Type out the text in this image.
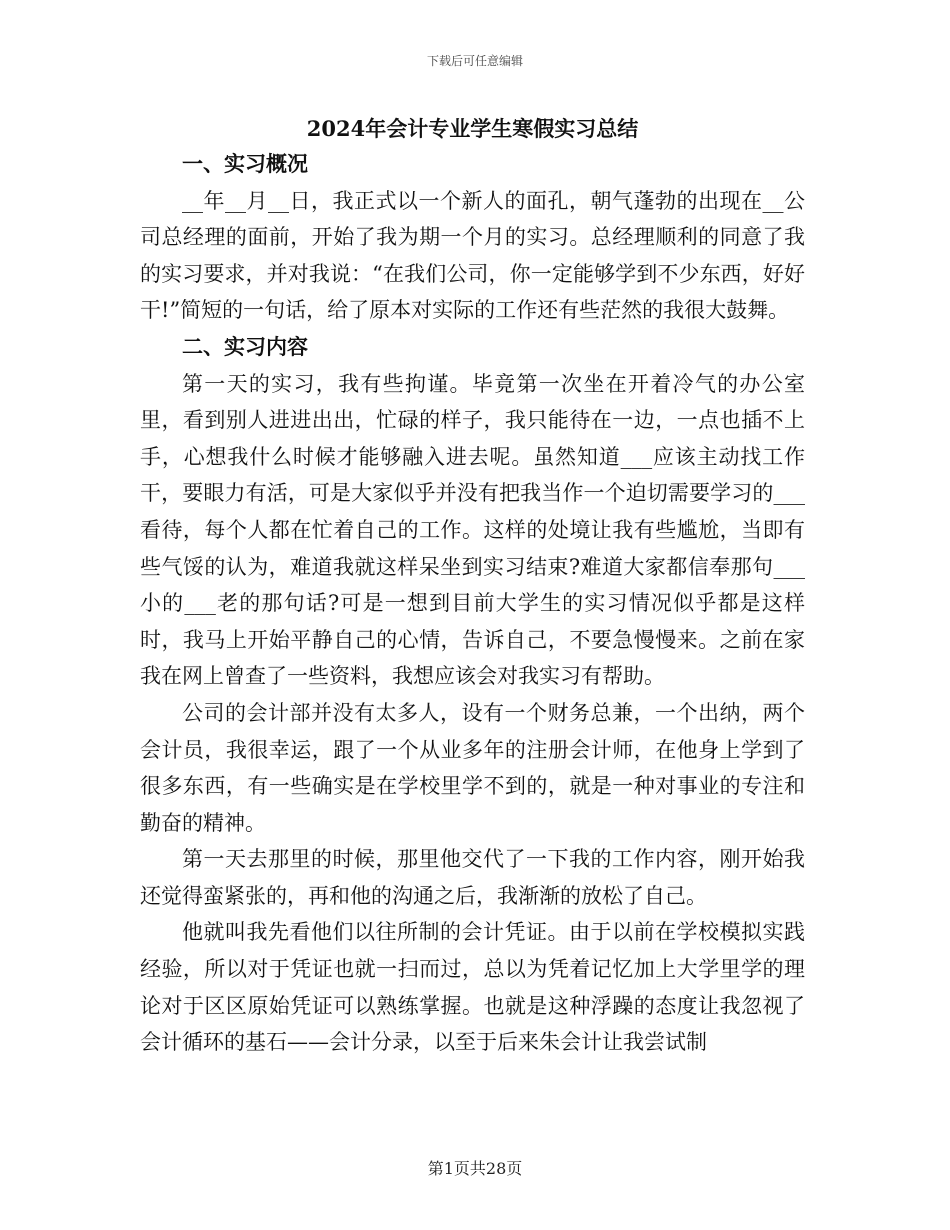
下载后可任意编辑
2024年会计专业学生寒假实习总结
一、实习概况

__年__月__日，我正式以一个新人的面孔，朝气蓬勃的出现在__公司总经理的面前，开始了我为期一个月的实习。总经理顺利的同意了我的实习要求，并对我说：“在我们公司，你一定能够学到不少东西，好好干!”简短的一句话，给了原本对实际的工作还有些茫然的我很大鼓舞。

二、实习内容

第一天的实习，我有些拘谨。毕竟第一次坐在开着冷气的办公室里，看到别人进进出出，忙碌的样子，我只能待在一边，一点也插不上手，心想我什么时候才能够融入进去呢。虽然知道___应该主动找工作干，要眼力有活，可是大家似乎并没有把我当作一个迫切需要学习的___看待，每个人都在忙着自己的工作。这样的处境让我有些尴尬，当即有些气馁的认为，难道我就这样呆坐到实习结束?难道大家都信奉那句___小的___老的那句话?可是一想到目前大学生的实习情况似乎都是这样时，我马上开始平静自己的心情，告诉自己，不要急慢慢来。之前在家我在网上曾查了一些资料，我想应该会对我实习有帮助。

公司的会计部并没有太多人，设有一个财务总兼，一个出纳，两个会计员，我很幸运，跟了一个从业多年的注册会计师，在他身上学到了很多东西，有一些确实是在学校里学不到的，就是一种对事业的专注和勤奋的精神。

第一天去那里的时候，那里他交代了一下我的工作内容，刚开始我还觉得蛮紧张的，再和他的沟通之后，我渐渐的放松了自己。

他就叫我先看他们以往所制的会计凭证。由于以前在学校模拟实践经验，所以对于凭证也就一扫而过，总以为凭着记忆加上大学里学的理论对于区区原始凭证可以熟练掌握。也就是这种浮躁的态度让我忽视了会计循环的基石——会计分录，以至于后来朱会计让我尝试制

第1页共28页
